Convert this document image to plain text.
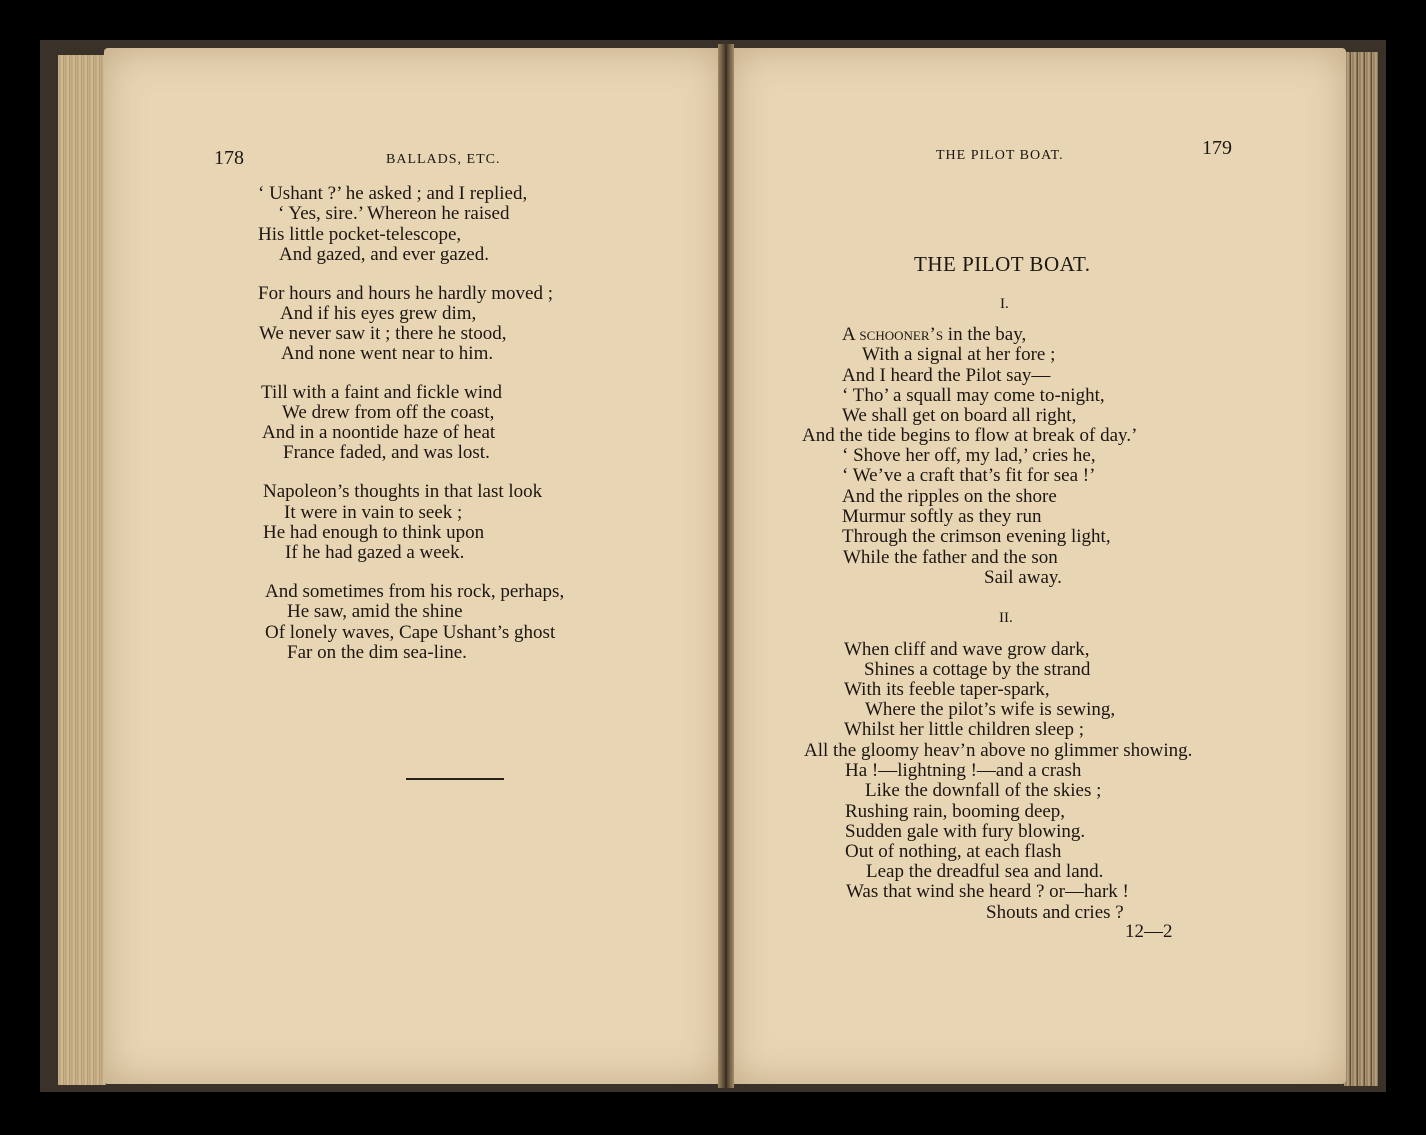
178	BALLADS, ETC.
‘ Ushant ?’ he asked ; and I replied,
‘ Yes, sire.’ Whereon he raised
His little pocket-telescope,
And gazed, and ever gazed.
For hours and hours he hardly moved ;
And if his eyes grew dim,
We never saw it ; there he stood,
And none went near to him.
Till with a faint and fickle wind
We drew from off the coast,
And in a noontide haze of heat
France faded, and was lost.
Napoleon’s thoughts in that last look
It were in vain to seek ;
He had enough to think upon
If he had gazed a week.
And sometimes from his rock, perhaps,
He saw, amid the shine
Of lonely waves, Cape Ushant’s ghost
Far on the dim sea-line.
THE PILOT BOAT.	179
THE PILOT BOAT.
I.
A schooner’s in the bay,
With a signal at her fore ;
And I heard the Pilot say—
‘ Tho’ a squall may come to-night,
We shall get on board all right,
And the tide begins to flow at break of day.’
‘ Shove her off, my lad,’ cries he,
‘ We’ve a craft that’s fit for sea !’
And the ripples on the shore
Murmur softly as they run
Through the crimson evening light,
While the father and the son
Sail away.
II.
When cliff and wave grow dark,
Shines a cottage by the strand
With its feeble taper-spark,
Where the pilot’s wife is sewing,
Whilst her little children sleep ;
All the gloomy heav’n above no glimmer showing.
Ha !—lightning !—and a crash
Like the downfall of the skies ;
Rushing rain, booming deep,
Sudden gale with fury blowing.
Out of nothing, at each flash
Leap the dreadful sea and land.
Was that wind she heard ? or—hark !
Shouts and cries ?
12—2
